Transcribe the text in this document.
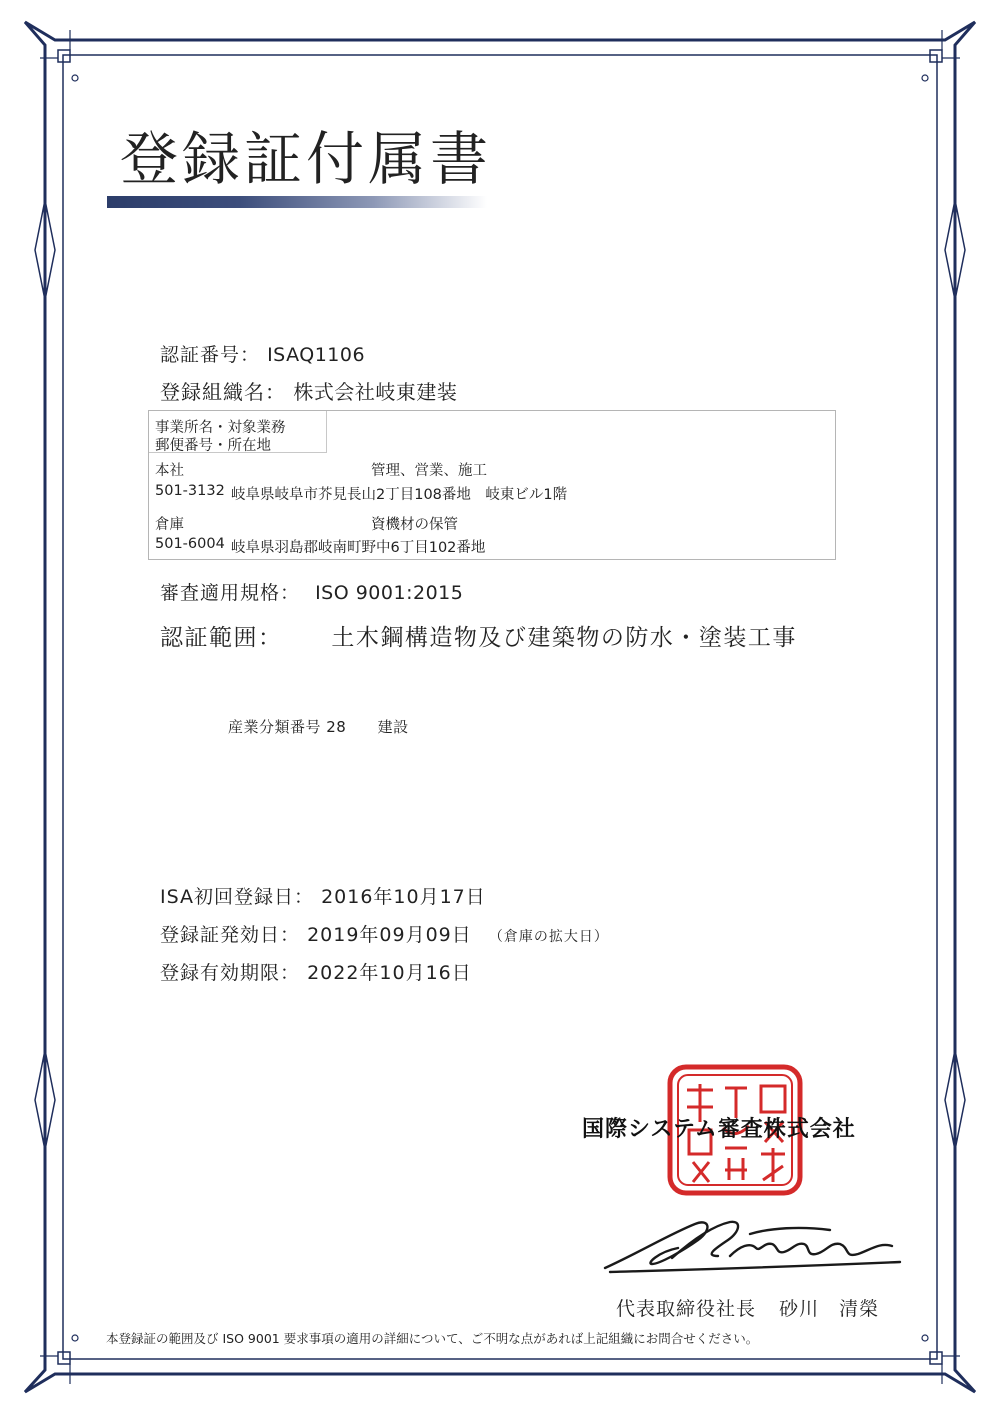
登録証付属書
認証番号： ISAQ1106
登録組織名： 株式会社岐東建装
事業所名・対象業務
郵便番号・所在地
本社	管理、営業、施工
501-3132 岐阜県岐阜市芥見長山2丁目108番地　岐東ビル1階
倉庫	資機材の保管
501-6004 岐阜県羽島郡岐南町野中6丁目102番地
審査適用規格： ISO 9001:2015
認証範囲： 土木鋼構造物及び建築物の防水・塗装工事
産業分類番号 28 建設
ISA初回登録日： 2016年10月17日
登録証発効日： 2019年09月09日 （倉庫の拡大日）
登録有効期限： 2022年10月16日
国際システム審査株式会社
代表取締役社長 砂川　清榮
本登録証の範囲及び ISO 9001 要求事項の適用の詳細について、ご不明な点があれば上記組織にお問合せください。
